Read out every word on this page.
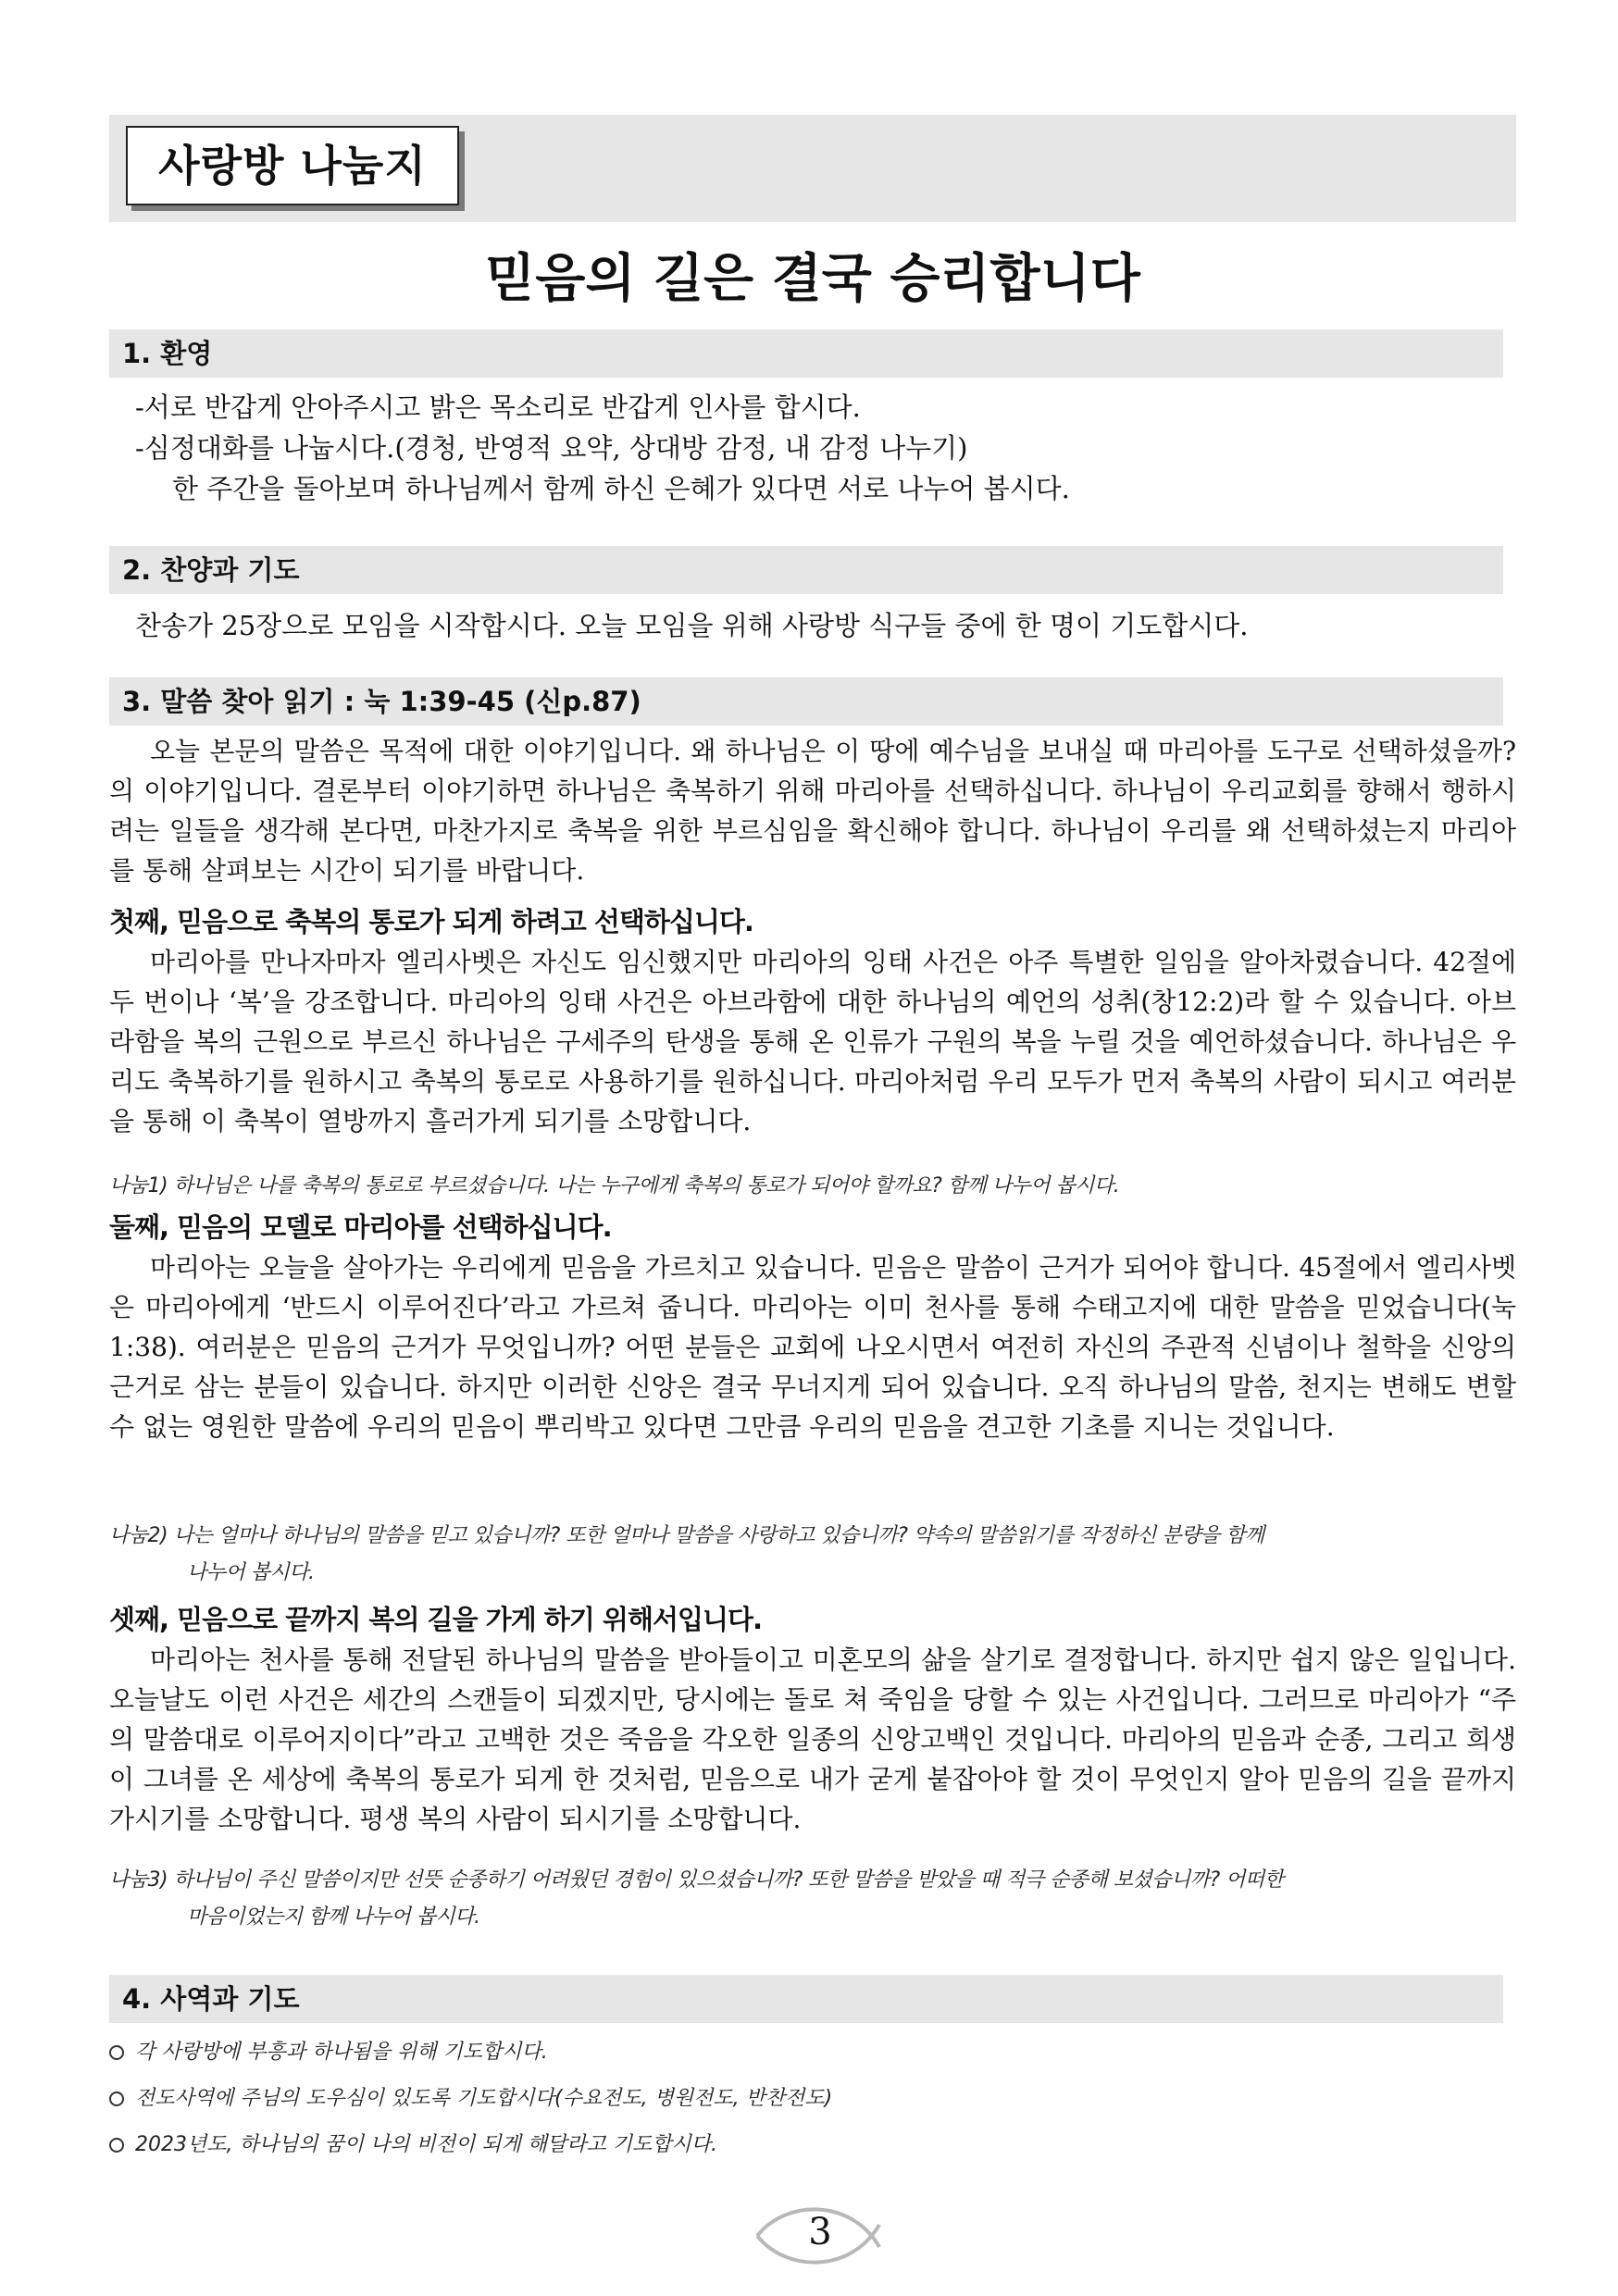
사랑방 나눔지
믿음의 길은 결국 승리합니다
1. 환영
-서로 반갑게 안아주시고 밝은 목소리로 반갑게 인사를 합시다.
-심정대화를 나눕시다.(경청, 반영적 요약, 상대방 감정, 내 감정 나누기)
한 주간을 돌아보며 하나님께서 함께 하신 은혜가 있다면 서로 나누어 봅시다.
2. 찬양과 기도
찬송가 25장으로 모임을 시작합시다. 오늘 모임을 위해 사랑방 식구들 중에 한 명이 기도합시다.
3. 말씀 찾아 읽기 : 눅 1:39-45 (신p.87)
오늘 본문의 말씀은 목적에 대한 이야기입니다. 왜 하나님은 이 땅에 예수님을 보내실 때 마리아를 도구로 선택하셨을까?의 이야기입니다. 결론부터 이야기하면 하나님은 축복하기 위해 마리아를 선택하십니다. 하나님이 우리교회를 향해서 행하시려는 일들을 생각해 본다면, 마찬가지로 축복을 위한 부르심임을 확신해야 합니다. 하나님이 우리를 왜 선택하셨는지 마리아를 통해 살펴보는 시간이 되기를 바랍니다.
첫째, 믿음으로 축복의 통로가 되게 하려고 선택하십니다.
마리아를 만나자마자 엘리사벳은 자신도 임신했지만 마리아의 잉태 사건은 아주 특별한 일임을 알아차렸습니다. 42절에 두 번이나 ‘복’을 강조합니다. 마리아의 잉태 사건은 아브라함에 대한 하나님의 예언의 성취(창12:2)라 할 수 있습니다. 아브라함을 복의 근원으로 부르신 하나님은 구세주의 탄생을 통해 온 인류가 구원의 복을 누릴 것을 예언하셨습니다. 하나님은 우리도 축복하기를 원하시고 축복의 통로로 사용하기를 원하십니다. 마리아처럼 우리 모두가 먼저 축복의 사람이 되시고 여러분을 통해 이 축복이 열방까지 흘러가게 되기를 소망합니다.
나눔1) 하나님은 나를 축복의 통로로 부르셨습니다. 나는 누구에게 축복의 통로가 되어야 할까요? 함께 나누어 봅시다.
둘째, 믿음의 모델로 마리아를 선택하십니다.
마리아는 오늘을 살아가는 우리에게 믿음을 가르치고 있습니다. 믿음은 말씀이 근거가 되어야 합니다. 45절에서 엘리사벳은 마리아에게 ‘반드시 이루어진다’라고 가르쳐 줍니다. 마리아는 이미 천사를 통해 수태고지에 대한 말씀을 믿었습니다(눅1:38). 여러분은 믿음의 근거가 무엇입니까? 어떤 분들은 교회에 나오시면서 여전히 자신의 주관적 신념이나 철학을 신앙의 근거로 삼는 분들이 있습니다. 하지만 이러한 신앙은 결국 무너지게 되어 있습니다. 오직 하나님의 말씀, 천지는 변해도 변할 수 없는 영원한 말씀에 우리의 믿음이 뿌리박고 있다면 그만큼 우리의 믿음을 견고한 기초를 지니는 것입니다.
나눔2) 나는 얼마나 하나님의 말씀을 믿고 있습니까? 또한 얼마나 말씀을 사랑하고 있습니까? 약속의 말씀읽기를 작정하신 분량을 함께
나누어 봅시다.
셋째, 믿음으로 끝까지 복의 길을 가게 하기 위해서입니다.
마리아는 천사를 통해 전달된 하나님의 말씀을 받아들이고 미혼모의 삶을 살기로 결정합니다. 하지만 쉽지 않은 일입니다. 오늘날도 이런 사건은 세간의 스캔들이 되겠지만, 당시에는 돌로 쳐 죽임을 당할 수 있는 사건입니다. 그러므로 마리아가 “주의 말씀대로 이루어지이다”라고 고백한 것은 죽음을 각오한 일종의 신앙고백인 것입니다. 마리아의 믿음과 순종, 그리고 희생이 그녀를 온 세상에 축복의 통로가 되게 한 것처럼, 믿음으로 내가 굳게 붙잡아야 할 것이 무엇인지 알아 믿음의 길을 끝까지 가시기를 소망합니다. 평생 복의 사람이 되시기를 소망합니다.
나눔3) 하나님이 주신 말씀이지만 선뜻 순종하기 어려웠던 경험이 있으셨습니까? 또한 말씀을 받았을 때 적극 순종해 보셨습니까? 어떠한
마음이었는지 함께 나누어 봅시다.
4. 사역과 기도
각 사랑방에 부흥과 하나됨을 위해 기도합시다.
전도사역에 주님의 도우심이 있도록 기도합시다(수요전도, 병원전도, 반찬전도)
2023년도, 하나님의 꿈이 나의 비전이 되게 해달라고 기도합시다.
3
